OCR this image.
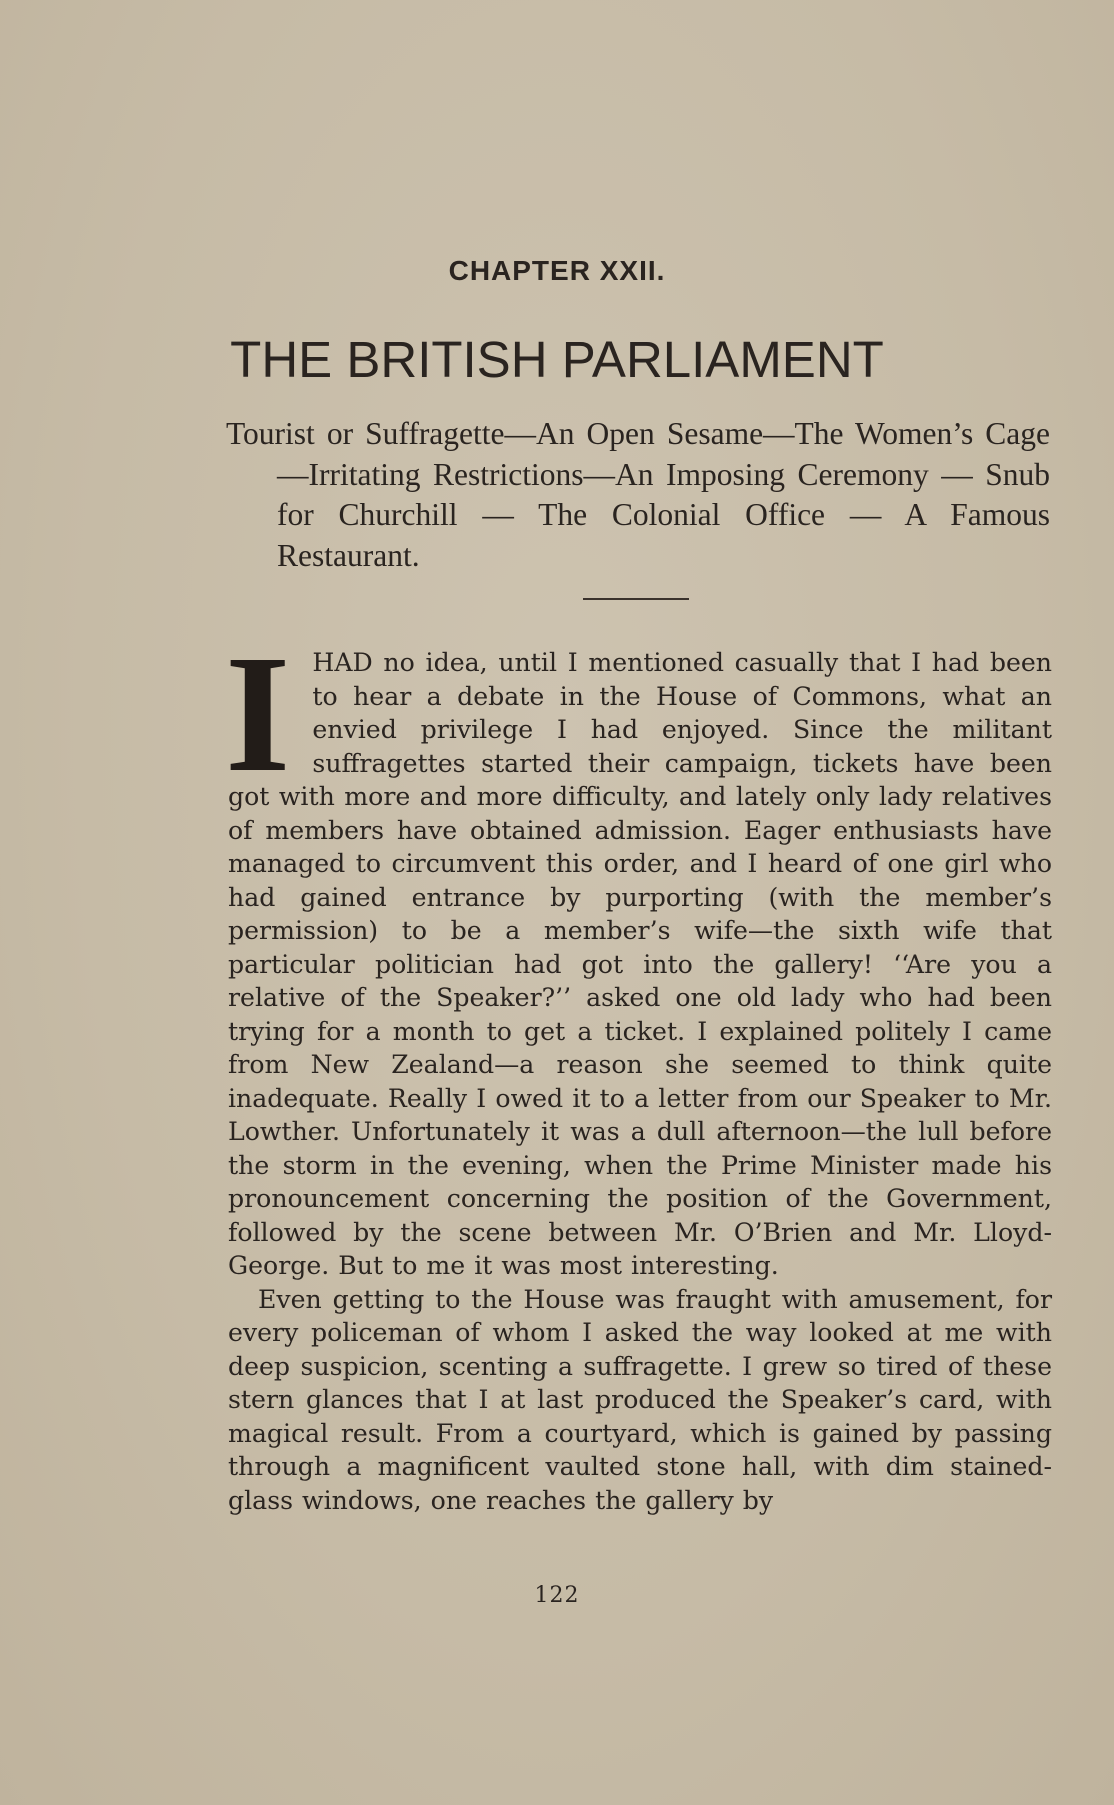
CHAPTER XXII.
THE BRITISH PARLIAMENT
Tourist or Suffragette—An Open Sesame—The Women’s Cage—Irritating Restrictions—An Imposing Ceremony — Snub for Churchill — The Colonial Office — A Famous Restaurant.

IHAD no idea, until I mentioned casually that I had been to hear a debate in the House of Commons, what an envied privilege I had enjoyed. Since the militant suffragettes started their campaign, tickets have been got with more and more difficulty, and lately only lady relatives of members have obtained admission. Eager enthusiasts have managed to circumvent this order, and I heard of one girl who had gained entrance by purporting (with the member’s permission) to be a member’s wife—the sixth wife that particular politician had got into the gallery! ‘‘Are you a relative of the Speaker?’’ asked one old lady who had been trying for a month to get a ticket. I explained politely I came from New Zealand—a reason she seemed to think quite inadequate. Really I owed it to a letter from our Speaker to Mr. Lowther. Unfortunately it was a dull afternoon—the lull before the storm in the evening, when the Prime Minister made his pronouncement concerning the position of the Government, followed by the scene between Mr. O’Brien and Mr. Lloyd-George. But to me it was most interesting.

Even getting to the House was fraught with amusement, for every policeman of whom I asked the way looked at me with deep suspicion, scenting a suffragette. I grew so tired of these stern glances that I at last produced the Speaker’s card, with magical result. From a courtyard, which is gained by passing through a magnificent vaulted stone hall, with dim stained-glass windows, one reaches the gallery by

122
